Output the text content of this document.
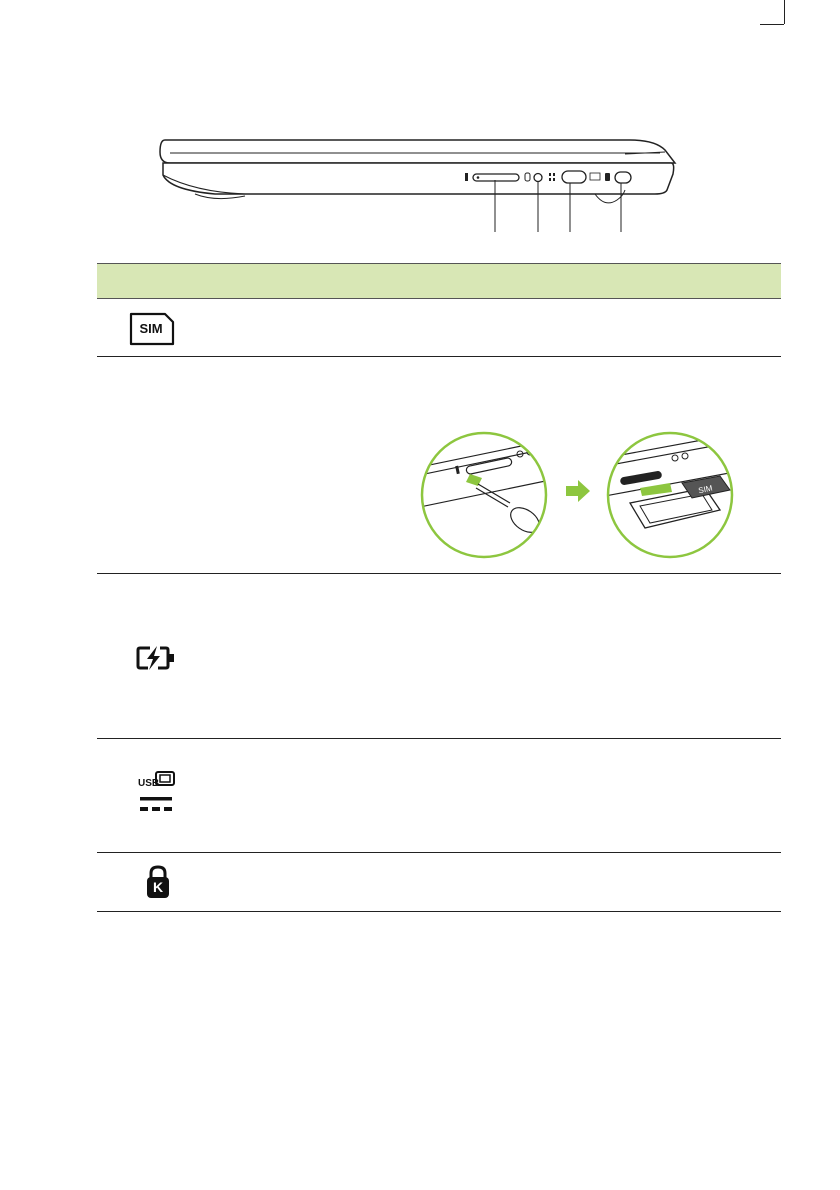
SIM
SIM
USB
K
